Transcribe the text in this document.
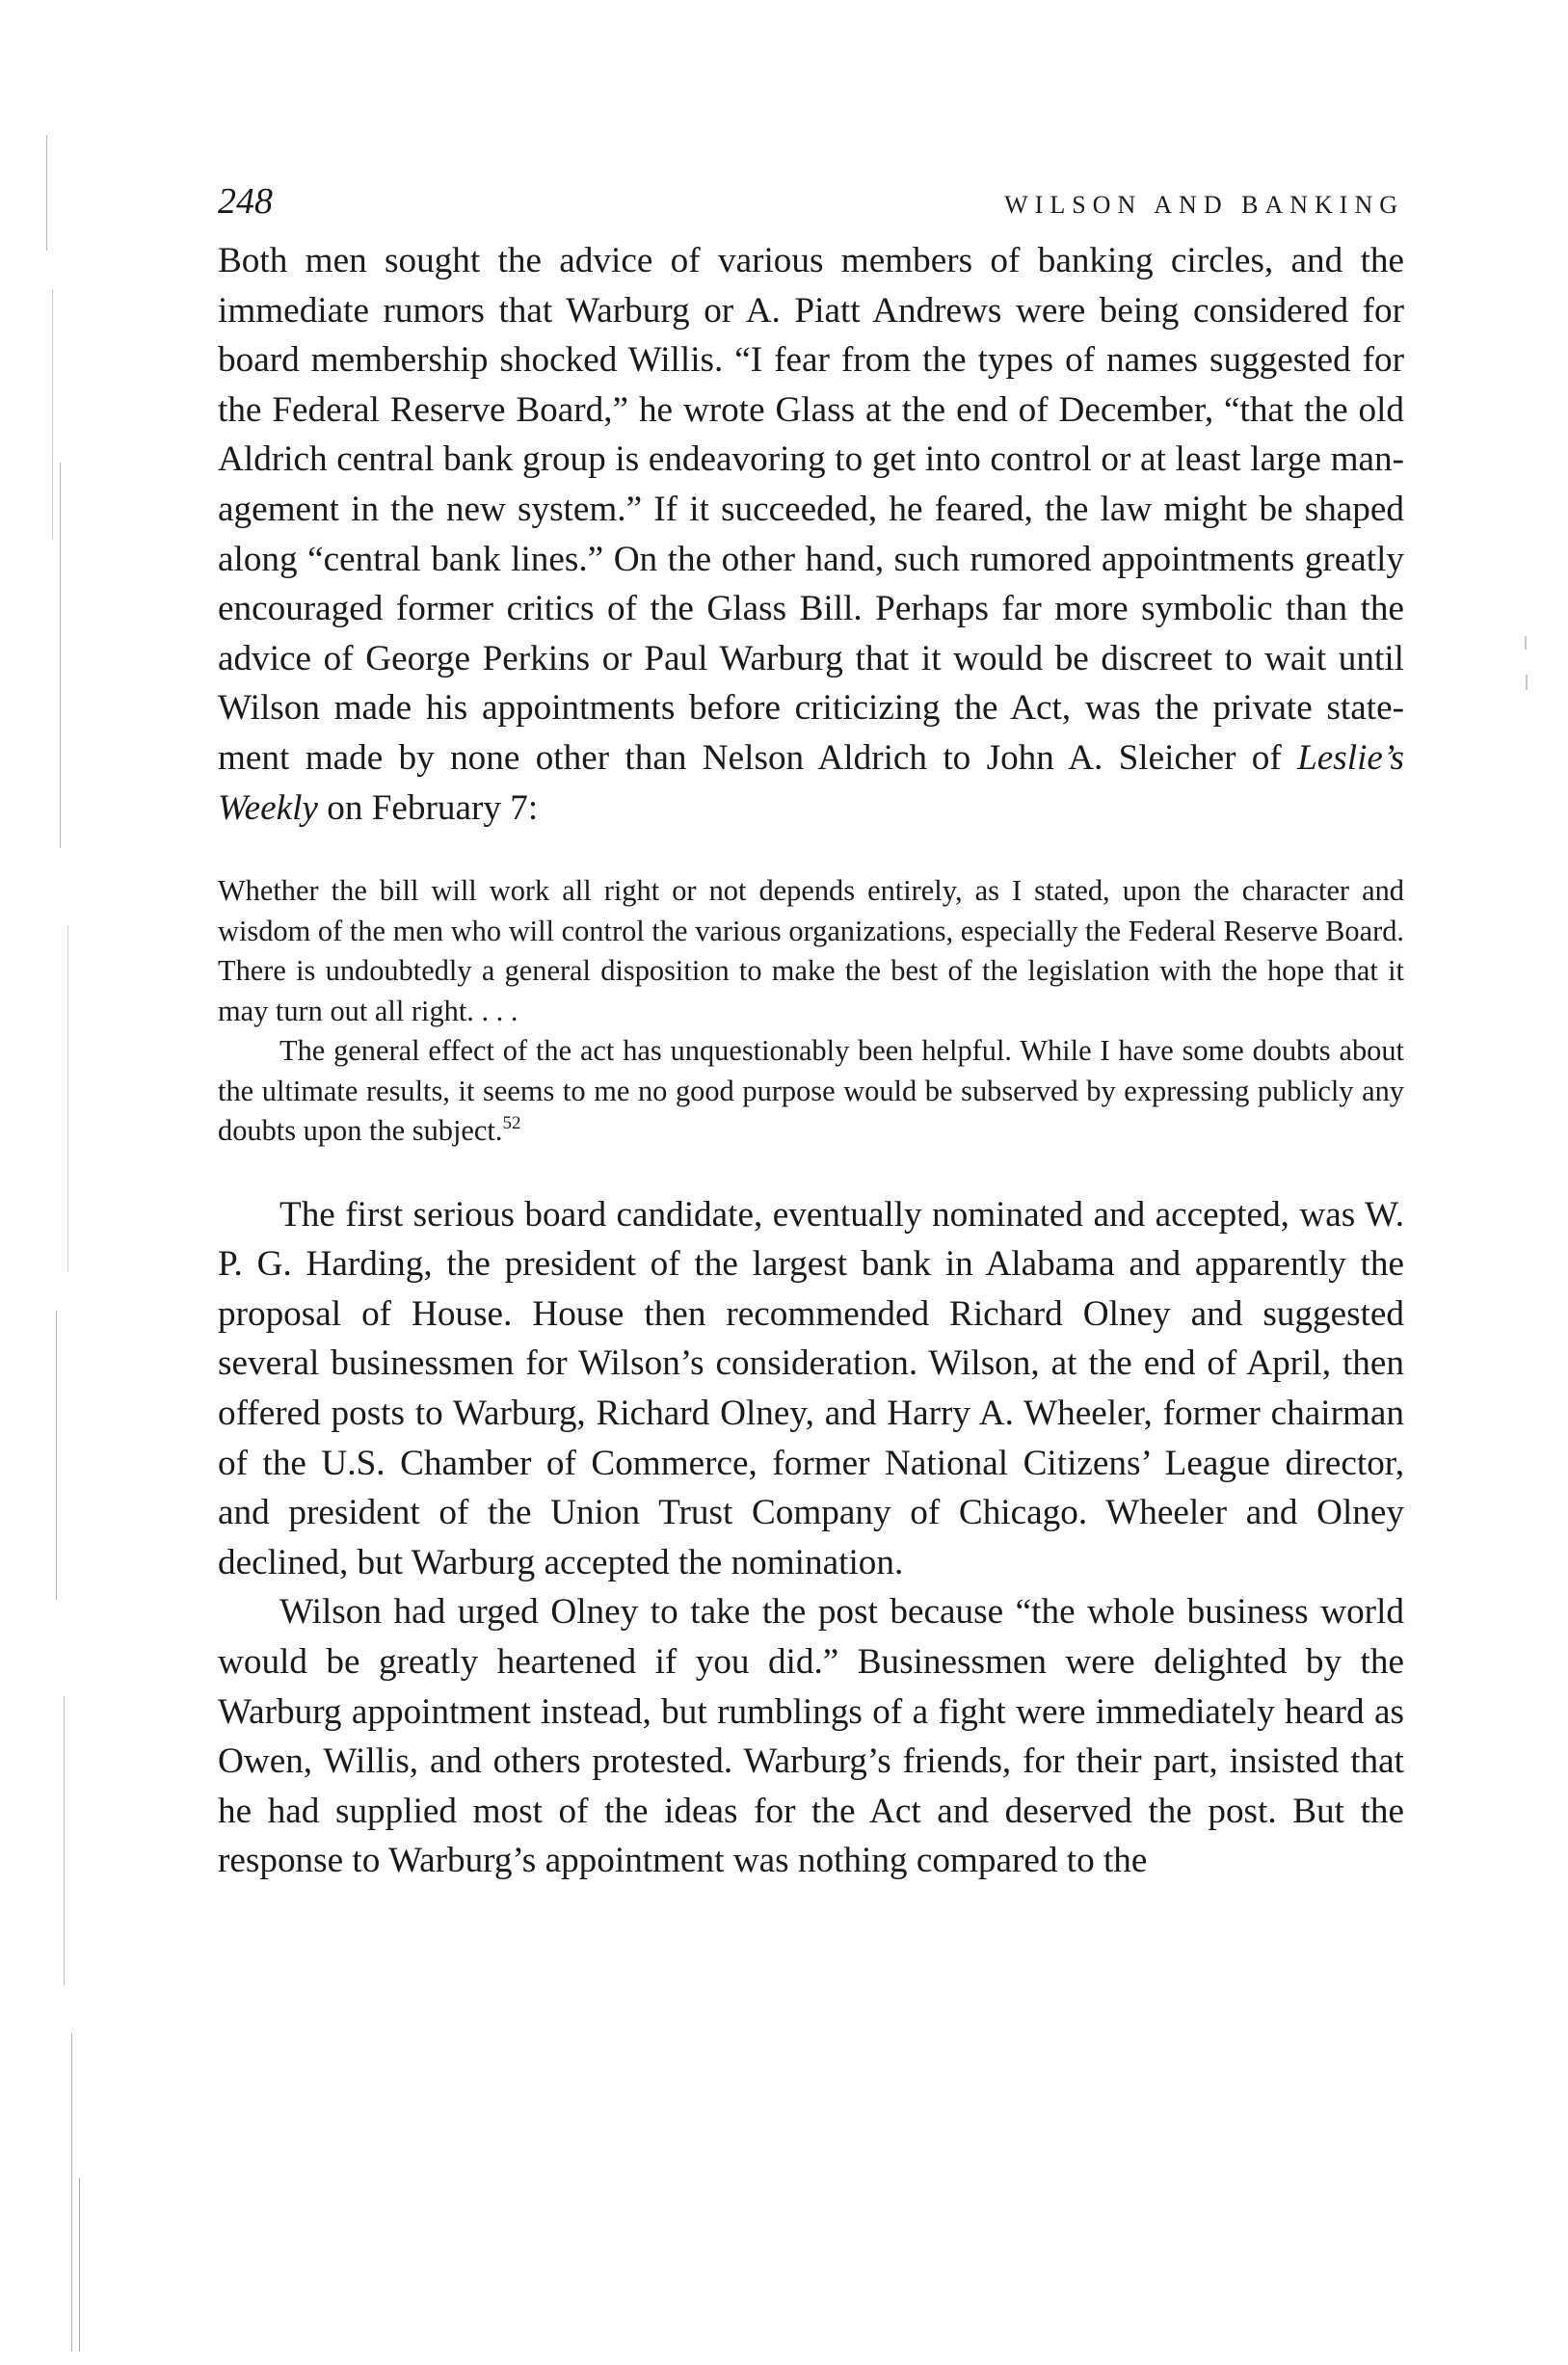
248	WILSON AND BANKING

Both men sought the advice of various members of banking circles, and the immediate rumors that Warburg or A. Piatt Andrews were being considered for board membership shocked Willis. “I fear from the types of names suggested for the Federal Reserve Board,” he wrote Glass at the end of December, “that the old Aldrich central bank group is endeavoring to get into control or at least large management in the new system.” If it succeeded, he feared, the law might be shaped along “central bank lines.” On the other hand, such rumored appointments greatly encouraged former critics of the Glass Bill. Perhaps far more symbolic than the advice of George Perkins or Paul Warburg that it would be discreet to wait until Wilson made his appointments before criticizing the Act, was the private statement made by none other than Nelson Aldrich to John A. Sleicher of Leslie’s Weekly on February 7:

Whether the bill will work all right or not depends entirely, as I stated, upon the character and wisdom of the men who will control the various organizations, especially the Federal Reserve Board. There is undoubtedly a general disposition to make the best of the legislation with the hope that it may turn out all right. . . .

The general effect of the act has unquestionably been helpful. While I have some doubts about the ultimate results, it seems to me no good purpose would be subserved by expressing publicly any doubts upon the subject.$^{52}$

The first serious board candidate, eventually nominated and accepted, was W. P. G. Harding, the president of the largest bank in Alabama and apparently the proposal of House. House then recommended Richard Olney and suggested several businessmen for Wilson’s consideration. Wilson, at the end of April, then offered posts to Warburg, Richard Olney, and Harry A. Wheeler, former chairman of the U.S. Chamber of Commerce, former National Citizens’ League director, and president of the Union Trust Company of Chicago. Wheeler and Olney declined, but Warburg accepted the nomination.

Wilson had urged Olney to take the post because “the whole business world would be greatly heartened if you did.” Businessmen were delighted by the Warburg appointment instead, but rumblings of a fight were immediately heard as Owen, Willis, and others protested. Warburg’s friends, for their part, insisted that he had supplied most of the ideas for the Act and deserved the post. But the response to Warburg’s appointment was nothing compared to the
